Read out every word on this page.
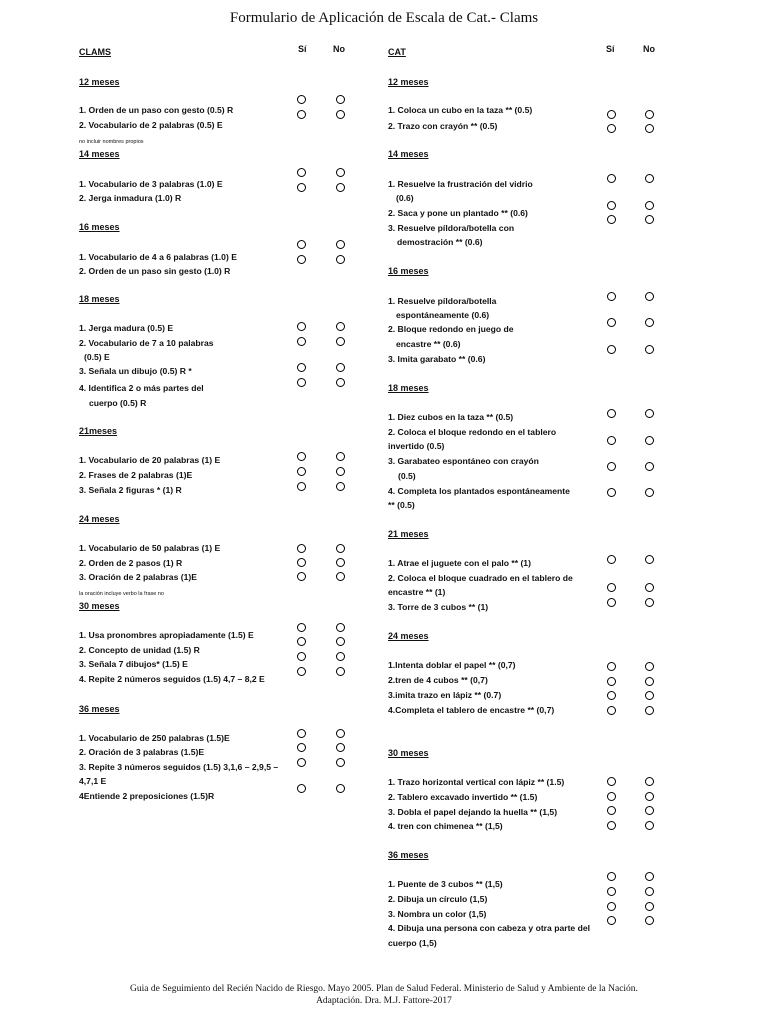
Formulario de Aplicación de Escala de Cat.- Clams
CLAMS	Sí	No	CAT	Sí	No
12 meses
1. Orden de un paso con gesto (0.5) R
2. Vocabulario de 2 palabras (0.5) E
no incluir nombres propios
14 meses
1. Vocabulario de 3 palabras (1.0) E
2. Jerga inmadura (1.0) R
16 meses
1. Vocabulario de 4 a 6 palabras (1.0) E
2. Orden de un paso sin gesto (1.0) R
18 meses
1. Jerga madura (0.5) E
2. Vocabulario de 7 a 10 palabras
(0.5) E
3. Señala un dibujo (0.5) R *
4. Identifica 2 o más partes del
cuerpo (0.5) R
21meses
1. Vocabulario de 20 palabras (1) E
2. Frases de 2 palabras (1)E
3. Señala 2 figuras * (1) R
24 meses
1. Vocabulario de 50 palabras (1) E
2. Orden de 2 pasos (1) R
3. Oración de 2 palabras (1)E
la oración incluye verbo la frase no
30 meses
1. Usa pronombres apropiadamente (1.5) E
2. Concepto de unidad (1.5) R
3. Señala 7 dibujos* (1.5) E
4. Repite 2 números seguidos (1.5) 4,7 – 8,2 E
36 meses
1. Vocabulario de 250 palabras (1.5)E
2. Oración de 3 palabras (1.5)E
3. Repite 3 números seguidos (1.5) 3,1,6 – 2,9,5 –
4,7,1 E
4Entiende 2 preposiciones (1.5)R
12 meses
1. Coloca un cubo en la taza ** (0.5)
2. Trazo con crayón ** (0.5)
14 meses
1. Resuelve la frustración del vidrio
(0.6)
2. Saca y pone un plantado ** (0.6)
3. Resuelve píldora/botella con
demostración ** (0.6)
16 meses
1. Resuelve píldora/botella
espontáneamente (0.6)
2. Bloque redondo en juego de
encastre ** (0.6)
3. Imita garabato ** (0.6)
18 meses
1. Diez cubos en la taza ** (0.5)
2. Coloca el bloque redondo en el tablero
invertido (0.5)
3. Garabateo espontáneo con crayón
(0.5)
4. Completa los plantados espontáneamente
** (0.5)
21 meses
1. Atrae el juguete con el palo ** (1)
2. Coloca el bloque cuadrado en el tablero de
encastre ** (1)
3. Torre de 3 cubos ** (1)
24 meses
1.Intenta doblar el papel ** (0,7)
2.tren de 4 cubos ** (0,7)
3.imita trazo en lápiz ** (0.7)
4.Completa el tablero de encastre ** (0,7)
30 meses
1. Trazo horizontal vertical con lápiz ** (1.5)
2. Tablero excavado invertido ** (1.5)
3. Dobla el papel dejando la huella ** (1,5)
4. tren con chimenea ** (1,5)
36 meses
1. Puente de 3 cubos ** (1,5)
2. Dibuja un círculo (1,5)
3. Nombra un color (1,5)
4. Dibuja una persona con cabeza y otra parte del
cuerpo (1,5)
Guia de Seguimiento del Recién Nacido de Riesgo. Mayo 2005. Plan de Salud Federal. Ministerio de Salud y Ambiente de la Nación.
Adaptación. Dra. M.J. Fattore-2017
